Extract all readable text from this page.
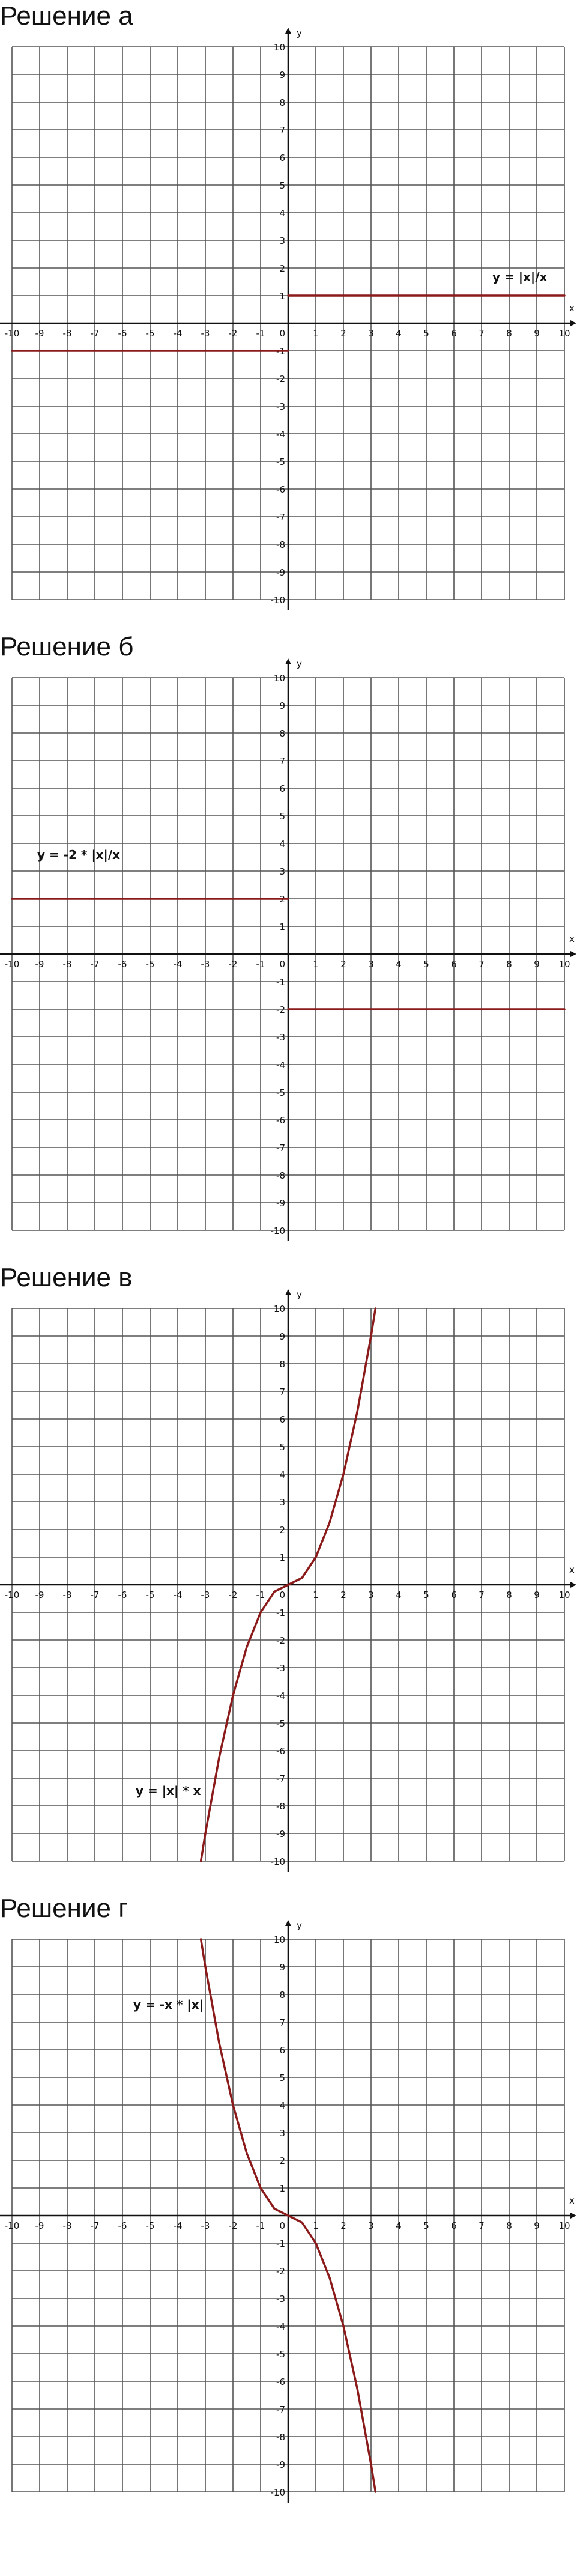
Решение а
x
y
-10 -9 -8 -7 -6 -5 -4 -3 -2 -1	1 2 3 4 5 6 7 8 9 10
-10
-9
-8
-7
-6
-5
-4
-3
-2
-1
1
2
3
4
5
6
7
8
9
10
0
y = |x|/x
Решение б
x
y
-10 -9 -8 -7 -6 -5 -4 -3 -2 -1	1 2 3 4 5 6 7 8 9 10
-10
-9
-8
-7
-6
-5
-4
-3
-2
-1
1
2
3
4
5
6
7
8
9
10
0
y = -2 * |x|/x
Решение в
x
y
-10 -9 -8 -7 -6 -5 -4 -3 -2 -1	1 2 3 4 5 6 7 8 9 10
-10
-9
-8
-7
-6
-5
-4
-3
-2
-1
1
2
3
4
5
6
7
8
9
10
0
y = |x| * x
Решение г
x
y
-10 -9 -8 -7 -6 -5 -4 -3 -2 -1	1 2 3 4 5 6 7 8 9 10
-10
-9
-8
-7
-6
-5
-4
-3
-2
-1
1
2
3
4
5
6
7
8
9
10
0
y = -x * |x|
